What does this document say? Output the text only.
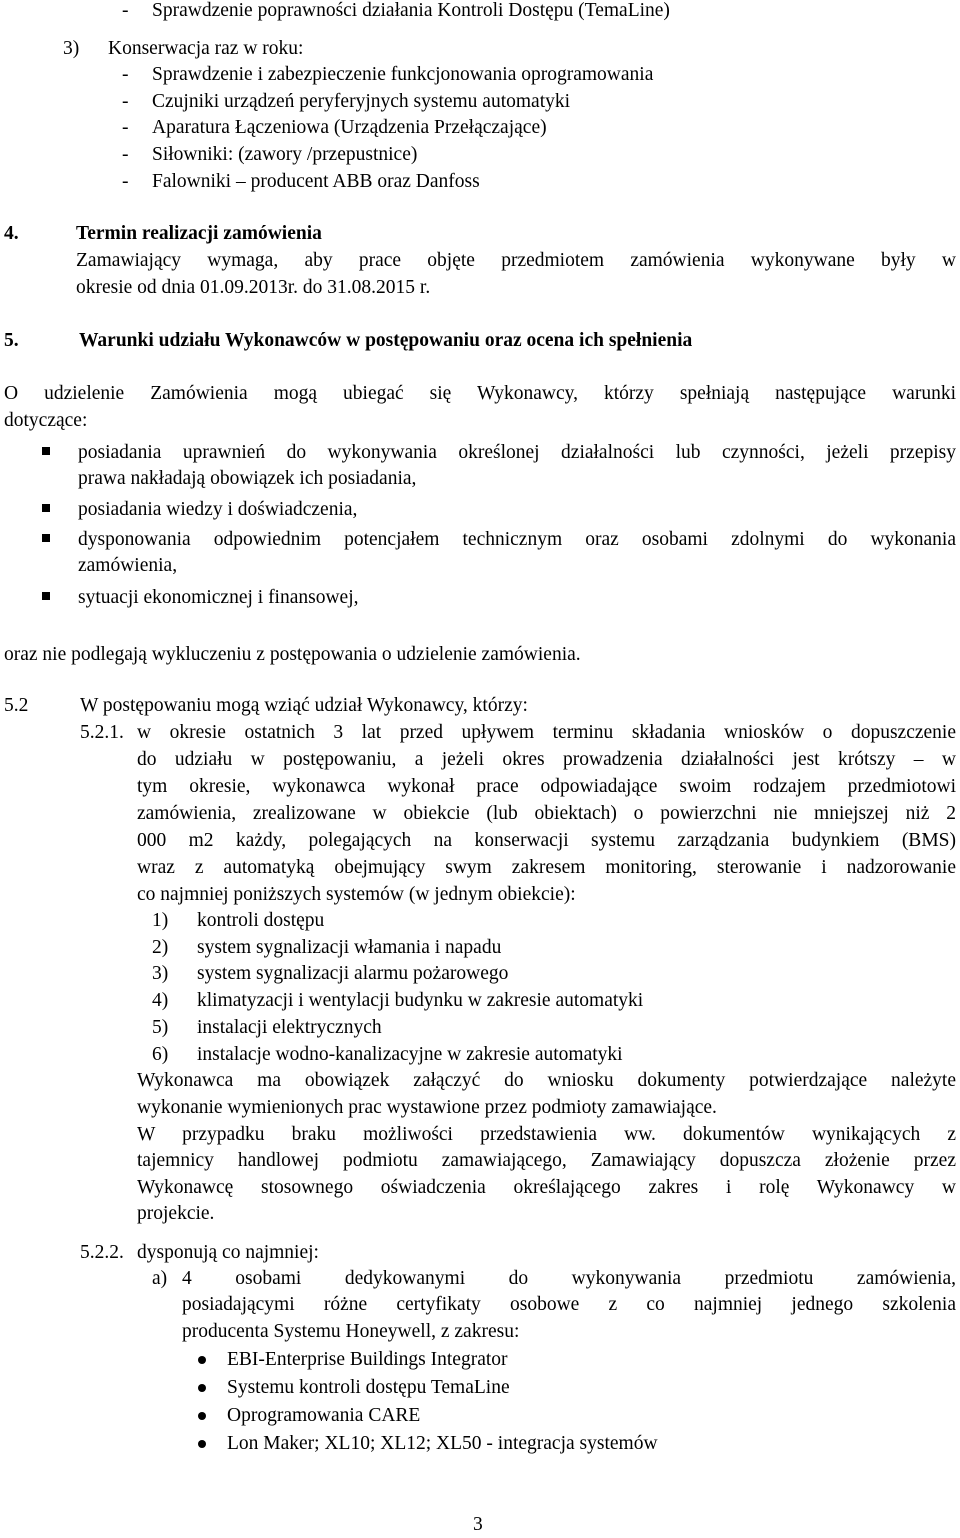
- Sprawdzenie poprawności działania Kontroli Dostępu (TemaLine)
3) Konserwacja raz w roku:
- Sprawdzenie i zabezpieczenie funkcjonowania oprogramowania
- Czujniki urządzeń peryferyjnych systemu automatyki
- Aparatura Łączeniowa (Urządzenia Przełączające)
- Siłowniki: (zawory /przepustnice)
- Falowniki – producent ABB oraz Danfoss
4.	Termin realizacji zamówienia
Zamawiający wymaga, aby prace objęte przedmiotem zamówienia wykonywane były w
okresie od dnia 01.09.2013r. do 31.08.2015 r.
5.	Warunki udziału Wykonawców w postępowaniu oraz ocena ich spełnienia
O udzielenie Zamówienia mogą ubiegać się Wykonawcy, którzy spełniają następujące warunki
dotyczące:
posiadania uprawnień do wykonywania określonej działalności lub czynności, jeżeli przepisy
prawa nakładają obowiązek ich posiadania,
posiadania wiedzy i doświadczenia,
dysponowania odpowiednim potencjałem technicznym oraz osobami zdolnymi do wykonania
zamówienia,
sytuacji ekonomicznej i finansowej,
oraz nie podlegają wykluczeniu z postępowania o udzielenie zamówienia.
5.2	W postępowaniu mogą wziąć udział Wykonawcy, którzy:
5.2.1. w okresie ostatnich 3 lat przed upływem terminu składania wniosków o dopuszczenie
do udziału w postępowaniu, a jeżeli okres prowadzenia działalności jest krótszy – w
tym okresie, wykonawca wykonał prace odpowiadające swoim rodzajem przedmiotowi
zamówienia, zrealizowane w obiekcie (lub obiektach) o powierzchni nie mniejszej niż 2
000 m2 każdy, polegających na konserwacji systemu zarządzania budynkiem (BMS)
wraz z automatyką obejmujący swym zakresem monitoring, sterowanie i nadzorowanie
co najmniej poniższych systemów (w jednym obiekcie):
1) kontroli dostępu
2) system sygnalizacji włamania i napadu
3) system sygnalizacji alarmu pożarowego
4) klimatyzacji i wentylacji budynku w zakresie automatyki
5) instalacji elektrycznych
6) instalacje wodno-kanalizacyjne w zakresie automatyki
Wykonawca ma obowiązek załączyć do wniosku dokumenty potwierdzające należyte
wykonanie wymienionych prac wystawione przez podmioty zamawiające.
W przypadku braku możliwości przedstawienia ww. dokumentów wynikających z
tajemnicy handlowej podmiotu zamawiającego, Zamawiający dopuszcza złożenie przez
Wykonawcę stosownego oświadczenia określającego zakres i rolę Wykonawcy w
projekcie.
5.2.2. dysponują co najmniej:
a) 4 osobami dedykowanymi do wykonywania przedmiotu zamówienia,
posiadającymi różne certyfikaty osobowe z co najmniej jednego szkolenia
producenta Systemu Honeywell, z zakresu:
EBI-Enterprise Buildings Integrator
Systemu kontroli dostępu TemaLine
Oprogramowania CARE
Lon Maker; XL10; XL12; XL50 - integracja systemów
3
